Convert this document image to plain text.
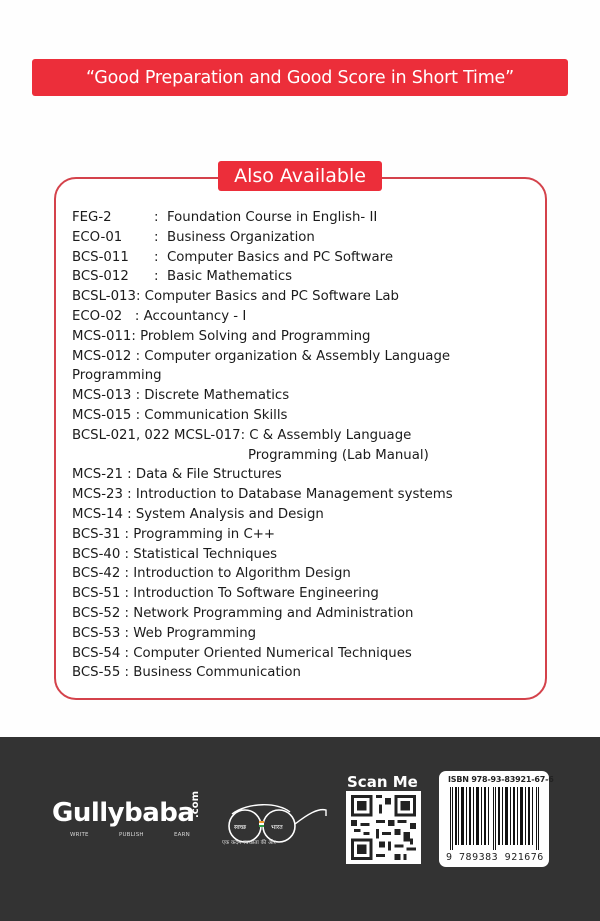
“Good Preparation and Good Score in Short Time”
Also Available
FEG-2	: Foundation Course in English- II
ECO-01 : Business Organization
BCS-011 : Computer Basics and PC Software
BCS-012 : Basic Mathematics
BCSL-013: Computer Basics and PC Software Lab
ECO-02   : Accountancy - I
MCS-011: Problem Solving and Programming
MCS-012 : Computer organization & Assembly Language
Programming
MCS-013 : Discrete Mathematics
MCS-015 : Communication Skills
BCSL-021, 022 MCSL-017: C & Assembly Language
Programming (Lab Manual)
MCS-21 : Data & File Structures
MCS-23 : Introduction to Database Management systems
MCS-14 : System Analysis and Design
BCS-31 : Programming in C++
BCS-40 : Statistical Techniques
BCS-42 : Introduction to Algorithm Design
BCS-51 : Introduction To Software Engineering
BCS-52 : Network Programming and Administration
BCS-53 : Web Programming
BCS-54 : Computer Oriented Numerical Techniques
BCS-55 : Business Communication
Gullybaba
.com
WRITE	PUBLISH	EARN
स्वच्छ	भारत
एक कदम स्वच्छता की ओर
Scan Me	ISBN 978-93-83921-67-6
9 789383 921676
